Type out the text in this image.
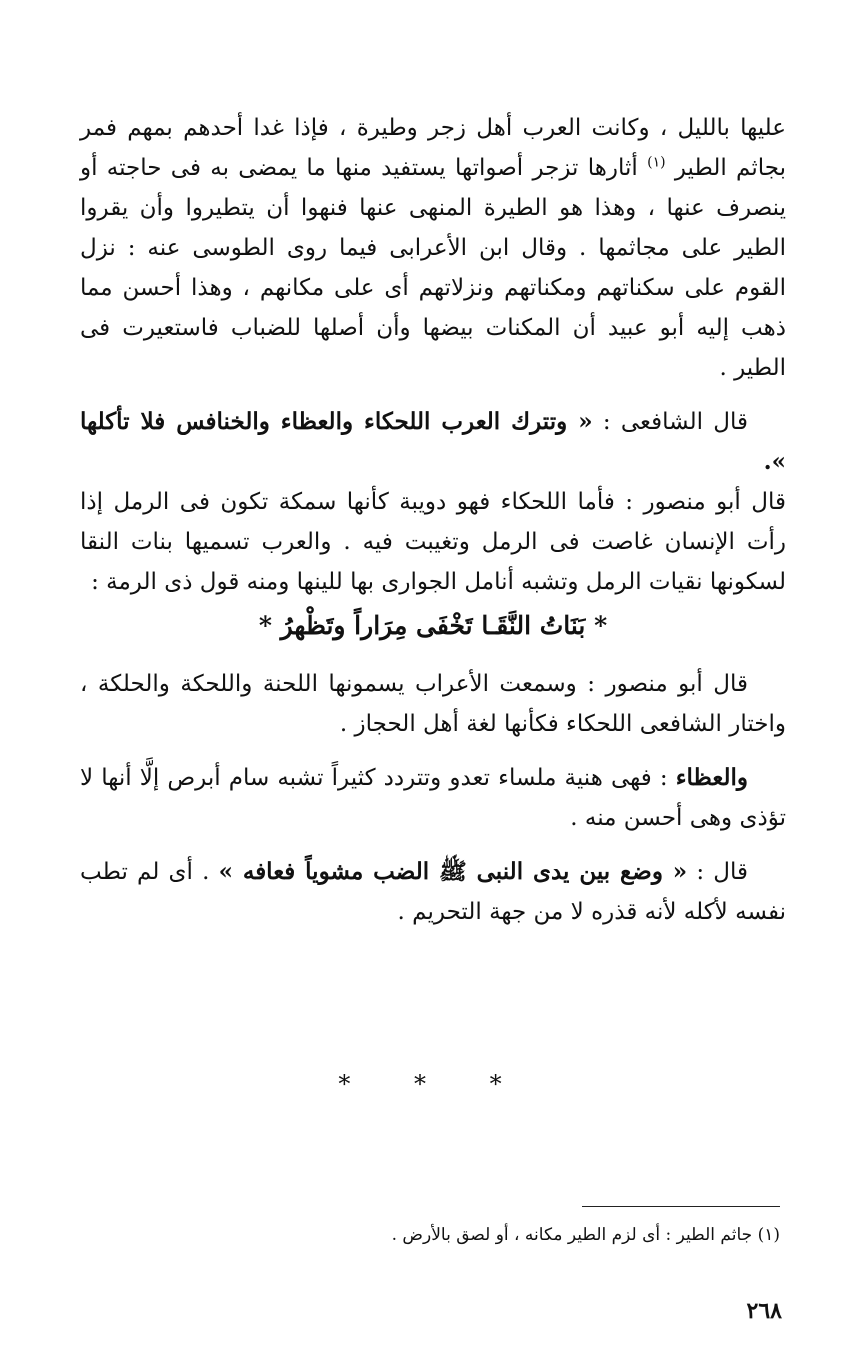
عليها بالليل ، وكانت العرب أهل زجر وطيرة ، فإذا غدا أحدهم بمهم فمر بجاثم الطير $^{(١)}$ أثارها تزجر أصواتها يستفيد منها ما يمضى به فى حاجته أو ينصرف عنها ، وهذا هو الطيرة المنهى عنها فنهوا أن يتطيروا وأن يقروا الطير على مجاثمها . وقال ابن الأعرابى فيما روى الطوسى عنه : نزل القوم على سكناتهم ومكناتهم ونزلاتهم أى على مكانهم ، وهذا أحسن مما ذهب إليه أبو عبيد أن المكنات بيضها وأن أصلها للضباب فاستعيرت فى الطير .

قال الشافعى : « وتترك العرب اللحكاء والعظاء والخنافس فلا تأكلها ».

قال أبو منصور : فأما اللحكاء فهو دويبة كأنها سمكة تكون فى الرمل إذا رأت الإنسان غاصت فى الرمل وتغيبت فيه . والعرب تسميها بنات النقا لسكونها نقيات الرمل وتشبه أنامل الجوارى بها للينها ومنه قول ذى الرمة :

* بَنَاتُ النَّقَـا تَخْفَى مِرَاراً وتَظْهرُ *

قال أبو منصور : وسمعت الأعراب يسمونها اللحنة واللحكة والحلكة ، واختار الشافعى اللحكاء فكأنها لغة أهل الحجاز .

والعظاء : فهى هنية ملساء تعدو وتتردد كثيراً تشبه سام أبرص إلَّا أنها لا تؤذى وهى أحسن منه .

قال : « وضع بين يدى النبى ﷺ الضب مشوياً فعافه » . أى لم تطب نفسه لأكله لأنه قذره لا من جهة التحريم .

* * *
(١) جاثم الطير : أى لزم الطير مكانه ، أو لصق بالأرض .
٢٦٨
